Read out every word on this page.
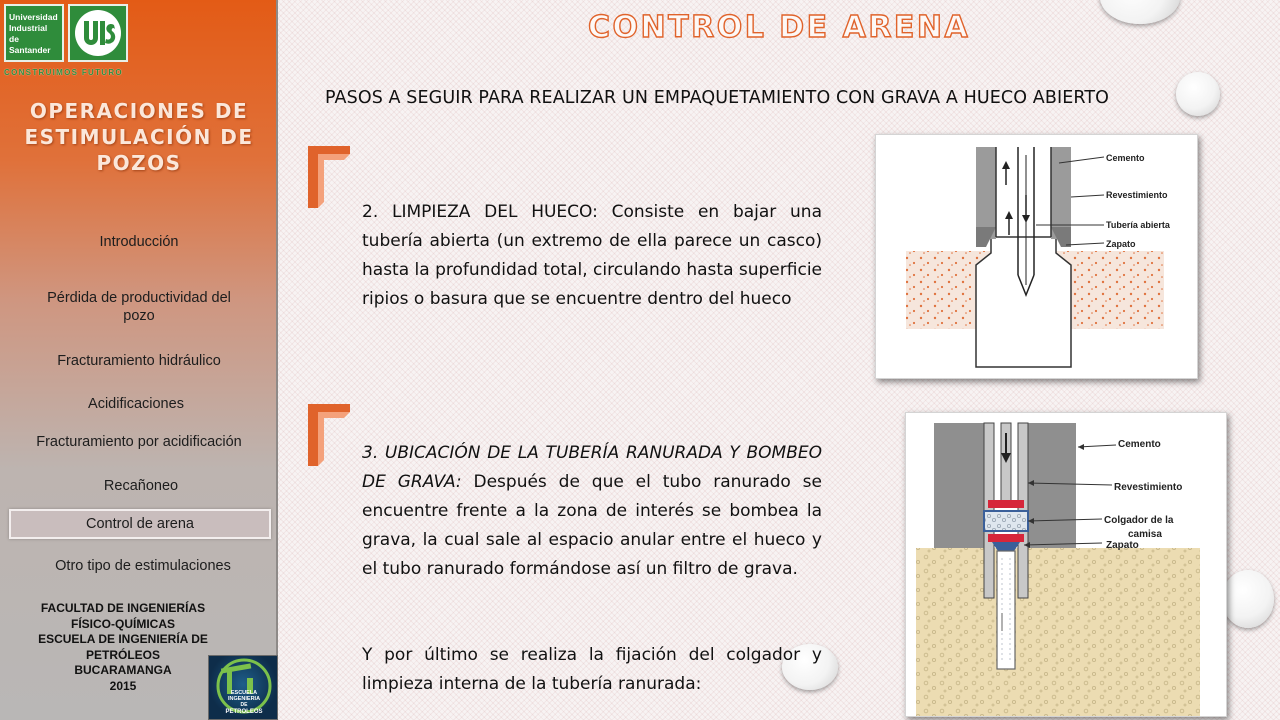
Universidad Industrial de Santander
CONSTRUIMOS FUTURO
OPERACIONES DE ESTIMULACIÓN DE POZOS
Introducción
Pérdida de productividad del pozo
Fracturamiento hidráulico
Acidificaciones
Fracturamiento por acidificación
Recañoneo
Control de arena
Otro tipo de estimulaciones
FACULTAD DE INGENIERÍAS
FÍSICO-QUÍMICAS
ESCUELA DE INGENIERÍA DE
PETRÓLEOS
BUCARAMANGA
2015
ESCUELA
INGENIERIA
DE
PETROLEOS
CONTROL DE ARENA
PASOS A SEGUIR PARA REALIZAR UN EMPAQUETAMIENTO CON GRAVA A HUECO ABIERTO
2. LIMPIEZA DEL HUECO: Consiste en bajar una tubería abierta (un extremo de ella parece un casco) hasta la profundidad total, circulando hasta superficie ripios o basura que se encuentre dentro del hueco
3. UBICACIÓN DE LA TUBERÍA RANURADA Y BOMBEO DE GRAVA: Después de que el tubo ranurado se encuentre frente a la zona de interés se bombea la grava, la cual sale al espacio anular entre el hueco y el tubo ranurado formándose así un filtro de grava.
Y por último se realiza la fijación del colgador y limpieza interna de la tubería ranurada:
Cemento
Revestimiento
Tubería abierta
Zapato
Cemento
Revestimiento
Colgador de la
camisa
Zapato
